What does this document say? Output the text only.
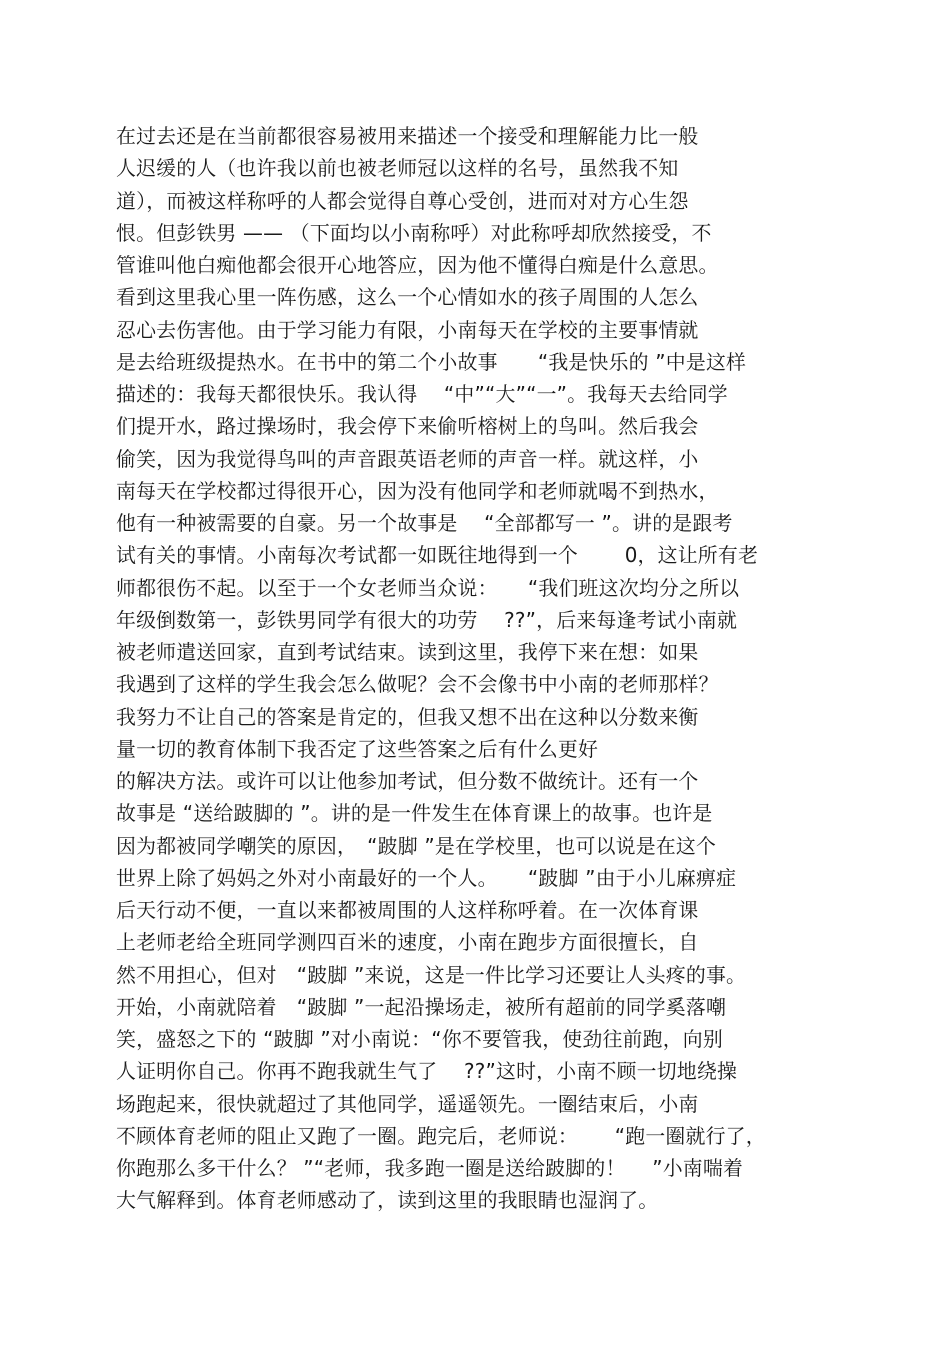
在过去还是在当前都很容易被用来描述一个接受和理解能力比一般
人迟缓的人（也许我以前也被老师冠以这样的名号，虽然我不知
道），而被这样称呼的人都会觉得自尊心受创，进而对对方心生怨
恨。但彭铁男 —— （下面均以小南称呼）对此称呼却欣然接受，不
管谁叫他白痴他都会很开心地答应，因为他不懂得白痴是什么意思。
看到这里我心里一阵伤感，这么一个心情如水的孩子周围的人怎么
忍心去伤害他。由于学习能力有限，小南每天在学校的主要事情就
是去给班级提热水。在书中的第二个小故事　　“我是快乐的 ”中是这样
描述的：我每天都很快乐。我认得　 “中”“大”“一”。我每天去给同学
们提开水，路过操场时，我会停下来偷听榕树上的鸟叫。然后我会
偷笑，因为我觉得鸟叫的声音跟英语老师的声音一样。就这样，小
南每天在学校都过得很开心，因为没有他同学和老师就喝不到热水，
他有一种被需要的自豪。另一个故事是　 “全部都写一 ”。讲的是跟考
试有关的事情。小南每次考试都一如既往地得到一个　　 0，这让所有老
师都很伤不起。以至于一个女老师当众说：　　“我们班这次均分之所以
年级倒数第一，彭铁男同学有很大的功劳　 ??”，后来每逢考试小南就
被老师遣送回家，直到考试结束。读到这里，我停下来在想：如果
我遇到了这样的学生我会怎么做呢？会不会像书中小南的老师那样？
我努力不让自己的答案是肯定的，但我又想不出在这种以分数来衡
量一切的教育体制下我否定了这些答案之后有什么更好
的解决方法。或许可以让他参加考试，但分数不做统计。还有一个
故事是 “送给跛脚的 ”。讲的是一件发生在体育课上的故事。也许是
因为都被同学嘲笑的原因，　“跛脚 ”是在学校里，也可以说是在这个
世界上除了妈妈之外对小南最好的一个人。　　“跛脚 ”由于小儿麻痹症
后天行动不便，一直以来都被周围的人这样称呼着。在一次体育课
上老师老给全班同学测四百米的速度，小南在跑步方面很擅长，自
然不用担心，但对　“跛脚 ”来说，这是一件比学习还要让人头疼的事。
开始，小南就陪着　“跛脚 ”一起沿操场走，被所有超前的同学奚落嘲
笑，盛怒之下的 “跛脚 ”对小南说：“你不要管我，使劲往前跑，向别
人证明你自己。你再不跑我就生气了　 ??”这时，小南不顾一切地绕操
场跑起来，很快就超过了其他同学，遥遥领先。一圈结束后，小南
不顾体育老师的阻止又跑了一圈。跑完后，老师说：　　 “跑一圈就行了，
你跑那么多干什么？ ”“老师，我多跑一圈是送给跛脚的！　 ”小南喘着
大气解释到。体育老师感动了，读到这里的我眼睛也湿润了。
